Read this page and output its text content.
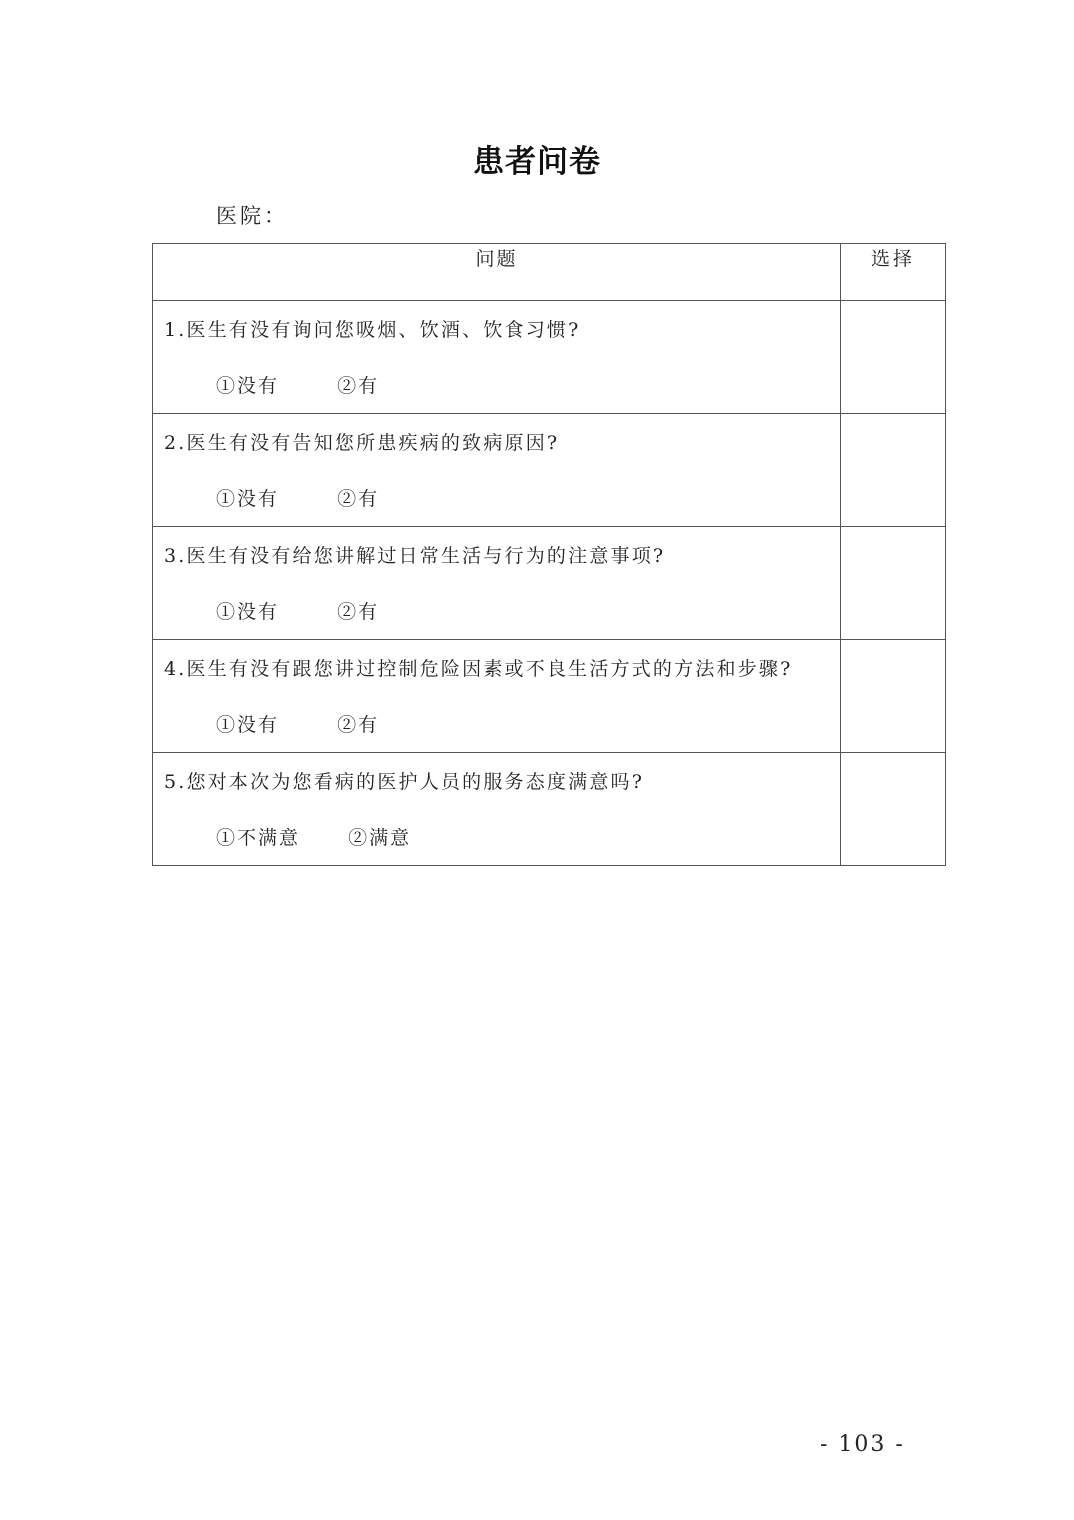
患者问卷
医院：
问题	选择

1.医生有没有询问您吸烟、饮酒、饮食习惯?
①没有 ②有	

2.医生有没有告知您所患疾病的致病原因?
①没有 ②有	

3.医生有没有给您讲解过日常生活与行为的注意事项?
①没有 ②有	

4.医生有没有跟您讲过控制危险因素或不良生活方式的方法和步骤?
①没有 ②有	

5.您对本次为您看病的医护人员的服务态度满意吗?
①不满意 ②满意	

- 103 -
